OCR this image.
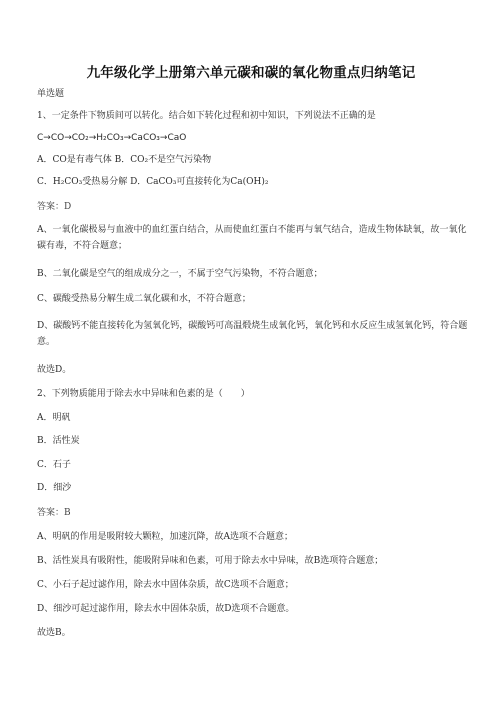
九年级化学上册第六单元碳和碳的氧化物重点归纳笔记
单选题
1、一定条件下物质间可以转化。结合如下转化过程和初中知识，下列说法不正确的是
C→CO→CO₂→H₂CO₃→CaCO₃→CaO
A．CO是有毒气体 B．CO₂不是空气污染物
C．H₂CO₃受热易分解 D．CaCO₃可直接转化为Ca(OH)₂
答案：D
A、一氧化碳极易与血液中的血红蛋白结合，从而使血红蛋白不能再与氧气结合，造成生物体缺氧，故一氧化碳有毒，不符合题意；
B、二氧化碳是空气的组成成分之一，不属于空气污染物，不符合题意；
C、碳酸受热易分解生成二氧化碳和水，不符合题意；
D、碳酸钙不能直接转化为氢氧化钙，碳酸钙可高温煅烧生成氧化钙，氧化钙和水反应生成氢氧化钙，符合题意。
故选D。
2、下列物质能用于除去水中异味和色素的是（　　）
A．明矾
B．活性炭
C．石子
D．细沙
答案：B
A、明矾的作用是吸附较大颗粒，加速沉降，故A选项不合题意；
B、活性炭具有吸附性，能吸附异味和色素，可用于除去水中异味，故B选项符合题意；
C、小石子起过滤作用，除去水中固体杂质，故C选项不合题意；
D、细沙可起过滤作用，除去水中固体杂质，故D选项不合题意。
故选B。
